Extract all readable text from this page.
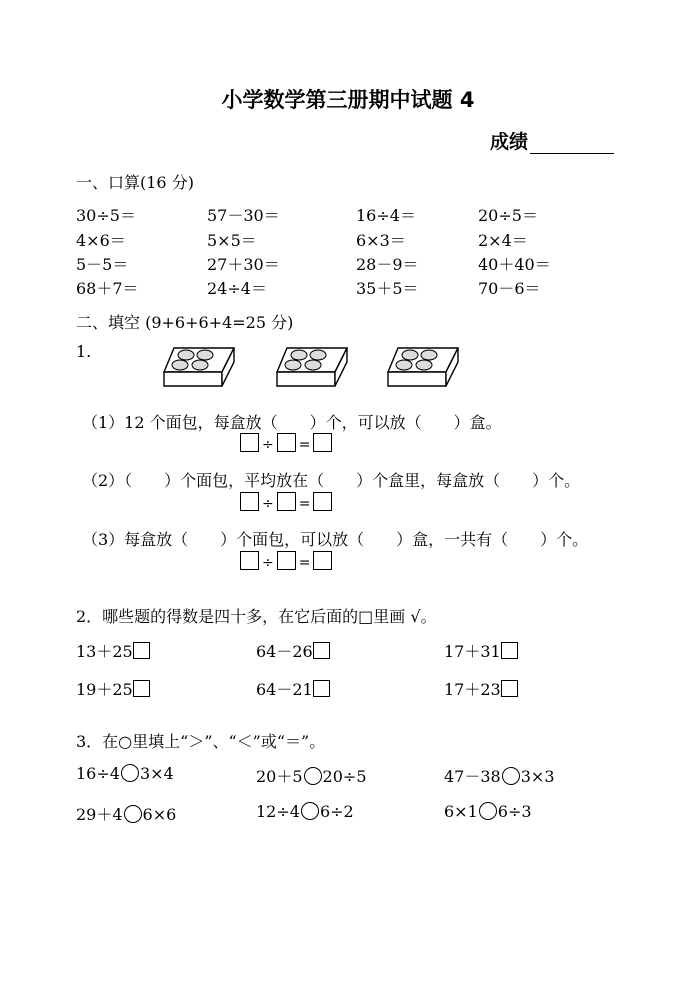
小学数学第三册期中试题 4
成绩
一、口算(16 分)
30÷5＝	57－30＝	16÷4＝	20÷5＝
4×6＝	5×5＝	6×3＝	2×4＝
5－5＝	27＋30＝	28－9＝	40＋40＝
68＋7＝	24÷4＝	35＋5＝	70－6＝
二、填空 (9+6+6+4=25 分)
1.
（1）12 个面包，每盒放（　　）个，可以放（　　）盒。
÷ =
（2）（　　）个面包，平均放在（　　）个盒里，每盒放（　　）个。
÷ =
（3）每盒放（　　）个面包，可以放（　　）盒，一共有（　　）个。
÷ =
2．哪些题的得数是四十多，在它后面的□里画 √。
13＋25	64－26	17＋31
19＋25	64－21	17＋23
3．在○里填上“＞”、“＜”或“＝”。
16÷4 3×4	20＋5 20÷5	47－38 3×3
29＋4 6×6	12÷4 6÷2	6×1 6÷3
